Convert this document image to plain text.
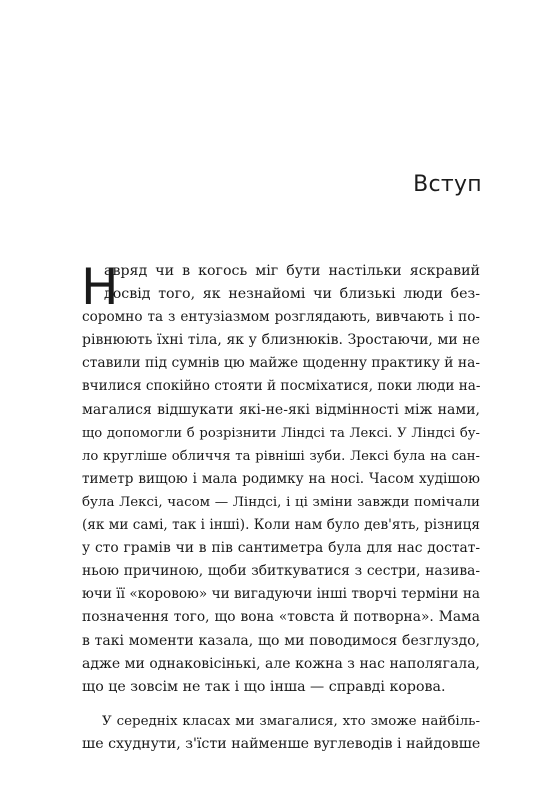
Вступ
Н
авряд чи в когось міг бути настільки яскравий
досвід того, як незнайомі чи близькі люди без-
соромно та з ентузіазмом розглядають, вивчають і по-
рівнюють їхні тіла, як у близнюків. Зростаючи, ми не
ставили під сумнів цю майже щоденну практику й на-
вчилися спокійно стояти й посміхатися, поки люди на-
магалися відшукати які-не-які відмінності між нами,
що допомогли б розрізнити Ліндсі та Лексі. У Ліндсі бу-
ло кругліше обличчя та рівніші зуби. Лексі була на сан-
тиметр вищою і мала родимку на носі. Часом худішою
була Лексі, часом — Ліндсі, і ці зміни завжди помічали
(як ми самі, так і інші). Коли нам було дев'ять, різниця
у сто грамів чи в пів сантиметра була для нас достат-
ньою причиною, щоби збиткуватися з сестри, назива-
ючи її «коровою» чи вигадуючи інші творчі терміни на
позначення того, що вона «товста й потворна». Мама
в такі моменти казала, що ми поводимося безглуздо,
адже ми однаковісінькі, але кожна з нас наполягала,
що це зовсім не так і що інша — справді корова.
У середніх класах ми змагалися, хто зможе найбіль-
ше схуднути, з'їсти найменше вуглеводів і найдовше
